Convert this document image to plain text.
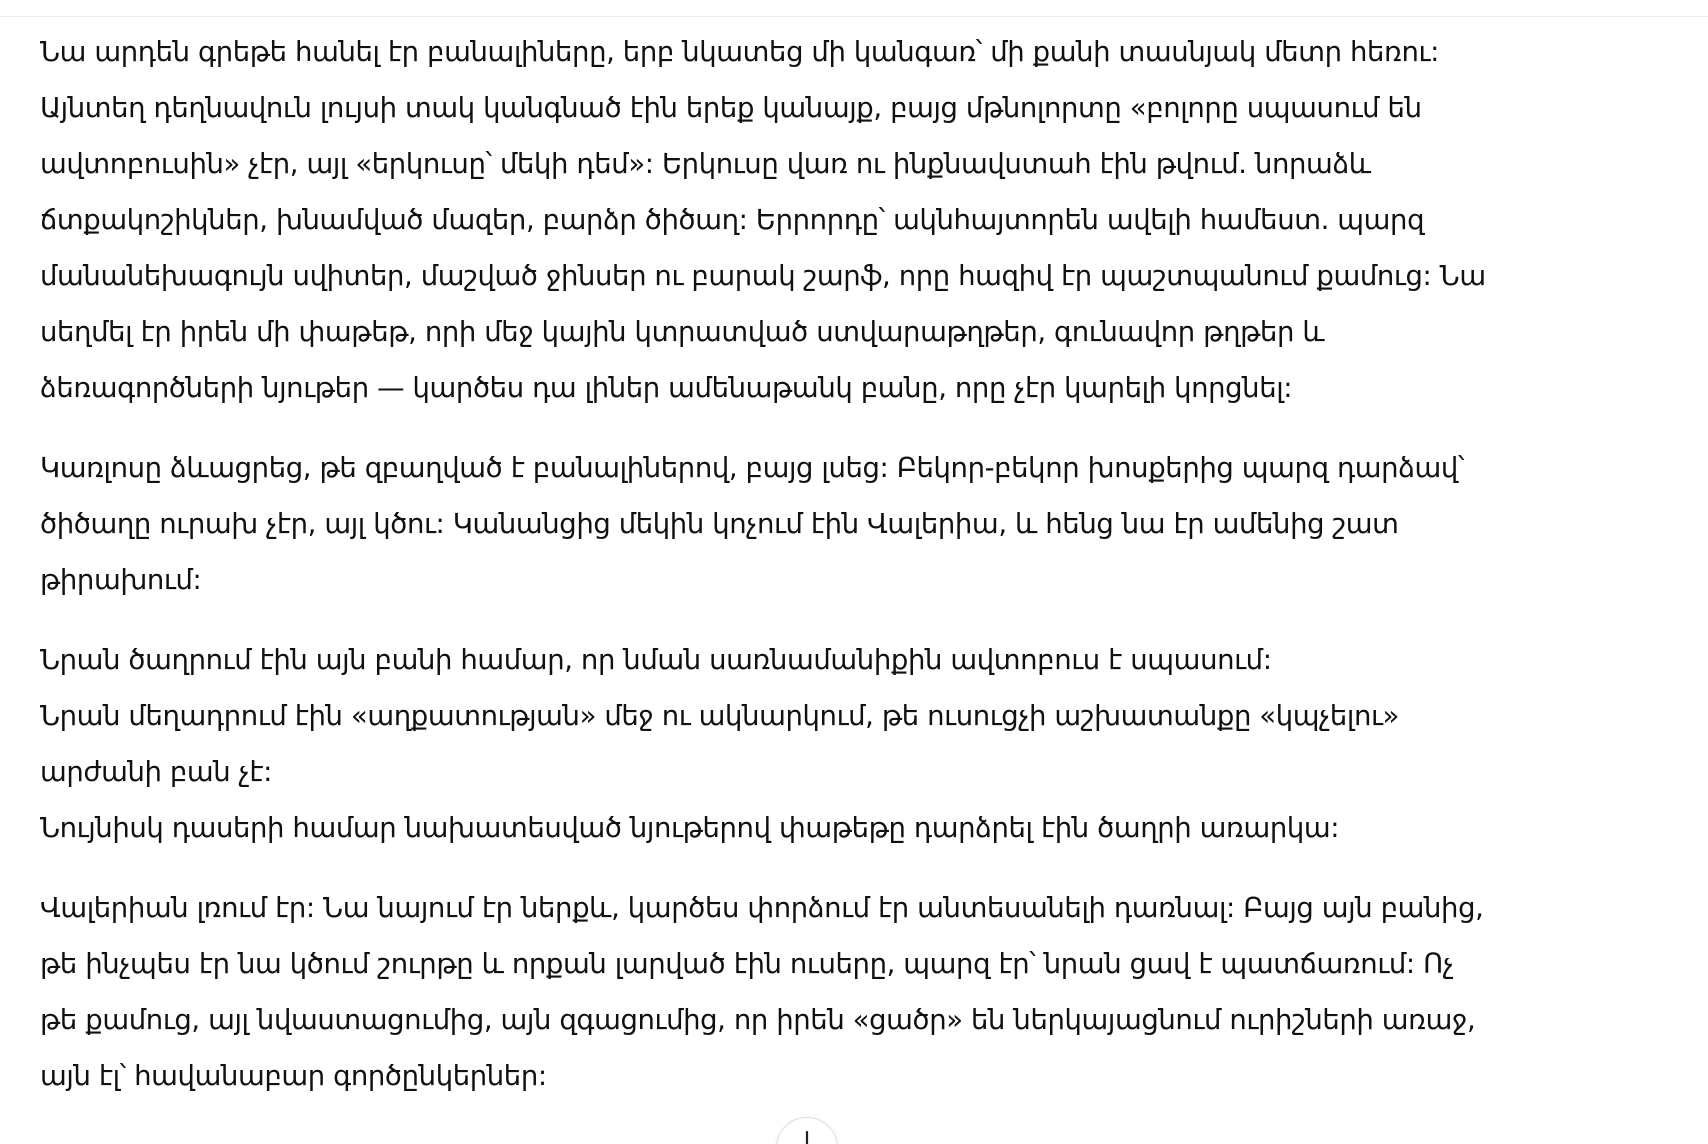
Նա արդեն գրեթե հանել էր բանալիները, երբ նկատեց մի կանգառ՝ մի քանի տասնյակ մետր հեռու:
Այնտեղ դեղնավուն լույսի տակ կանգնած էին երեք կանայք, բայց մթնոլորտը «բոլորը սպասում են
ավտոբուսին» չէր, այլ «երկուսը՝ մեկի դեմ»: Երկուսը վառ ու ինքնավստահ էին թվում. նորաձև
ճտքակոշիկներ, խնամված մազեր, բարձր ծիծաղ: Երրորդը՝ ակնհայտորեն ավելի համեստ. պարզ
մանանեխագույն սվիտեր, մաշված ջինսեր ու բարակ շարֆ, որը հազիվ էր պաշտպանում քամուց: Նա
սեղմել էր իրեն մի փաթեթ, որի մեջ կային կտրատված ստվարաթղթեր, գունավոր թղթեր և
ձեռագործների նյութեր — կարծես դա լիներ ամենաթանկ բանը, որը չէր կարելի կորցնել:

Կառլոսը ձևացրեց, թե զբաղված է բանալիներով, բայց լսեց: Բեկոր-բեկոր խոսքերից պարզ դարձավ՝
ծիծաղը ուրախ չէր, այլ կծու: Կանանցից մեկին կոչում էին Վալերիա, և հենց նա էր ամենից շատ
թիրախում:

Նրան ծաղրում էին այն բանի համար, որ նման սառնամանիքին ավտոբուս է սպասում:
Նրան մեղադրում էին «աղքատության» մեջ ու ակնարկում, թե ուսուցչի աշխատանքը «կպչելու»
արժանի բան չէ:
Նույնիսկ դասերի համար նախատեսված նյութերով փաթեթը դարձրել էին ծաղրի առարկա:

Վալերիան լռում էր: Նա նայում էր ներքև, կարծես փորձում էր անտեսանելի դառնալ: Բայց այն բանից,
թե ինչպես էր նա կծում շուրթը և որքան լարված էին ուսերը, պարզ էր՝ նրան ցավ է պատճառում: Ոչ
թե քամուց, այլ նվաստացումից, այն զգացումից, որ իրեն «ցածր» են ներկայացնում ուրիշների առաջ,
այն էլ՝ հավանաբար գործընկերներ:
